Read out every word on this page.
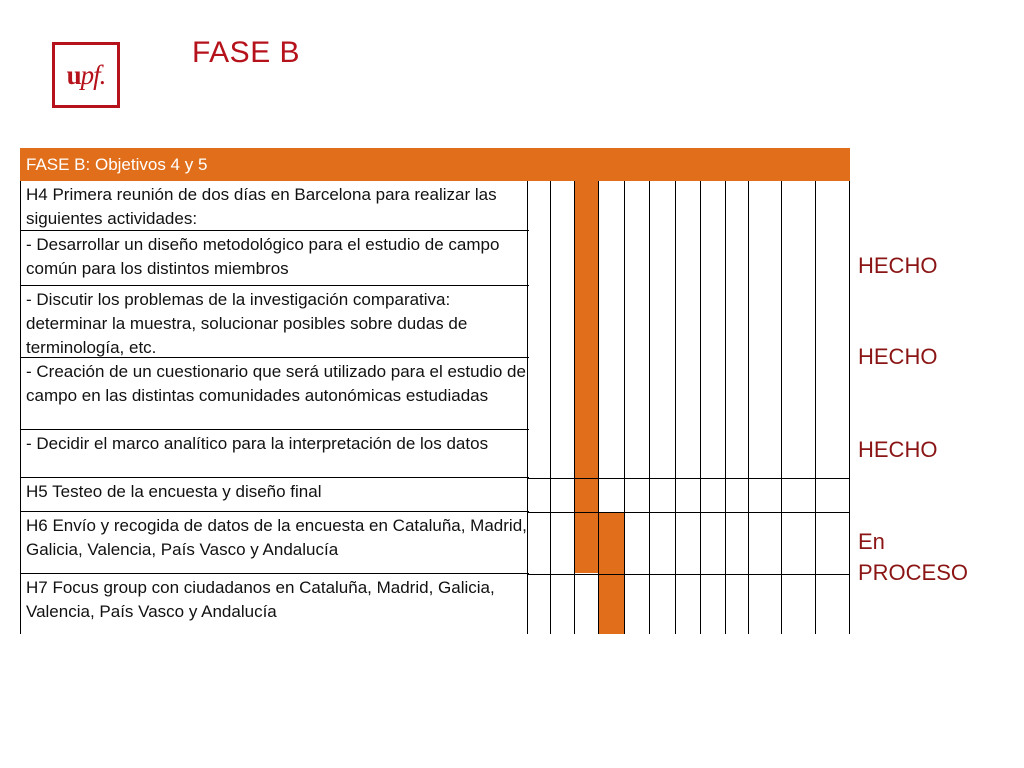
upf.
FASE B
FASE B: Objetivos 4 y 5
H4 Primera reunión de dos días en Barcelona para realizar las siguientes actividades:
- Desarrollar un diseño metodológico para el estudio de campo común para los distintos miembros
- Discutir los problemas de la investigación comparativa: determinar la muestra, solucionar posibles sobre dudas de terminología, etc.
- Creación de un cuestionario que será utilizado para el estudio de campo en las distintas comunidades autonómicas estudiadas
- Decidir el marco analítico para la interpretación de los datos
H5 Testeo de la encuesta y diseño final
H6 Envío y recogida de datos de la encuesta en Cataluña, Madrid, Galicia, Valencia, País Vasco y Andalucía
H7 Focus group con ciudadanos en Cataluña, Madrid, Galicia, Valencia, País Vasco y Andalucía
HECHO
HECHO
HECHO
En
PROCESO
